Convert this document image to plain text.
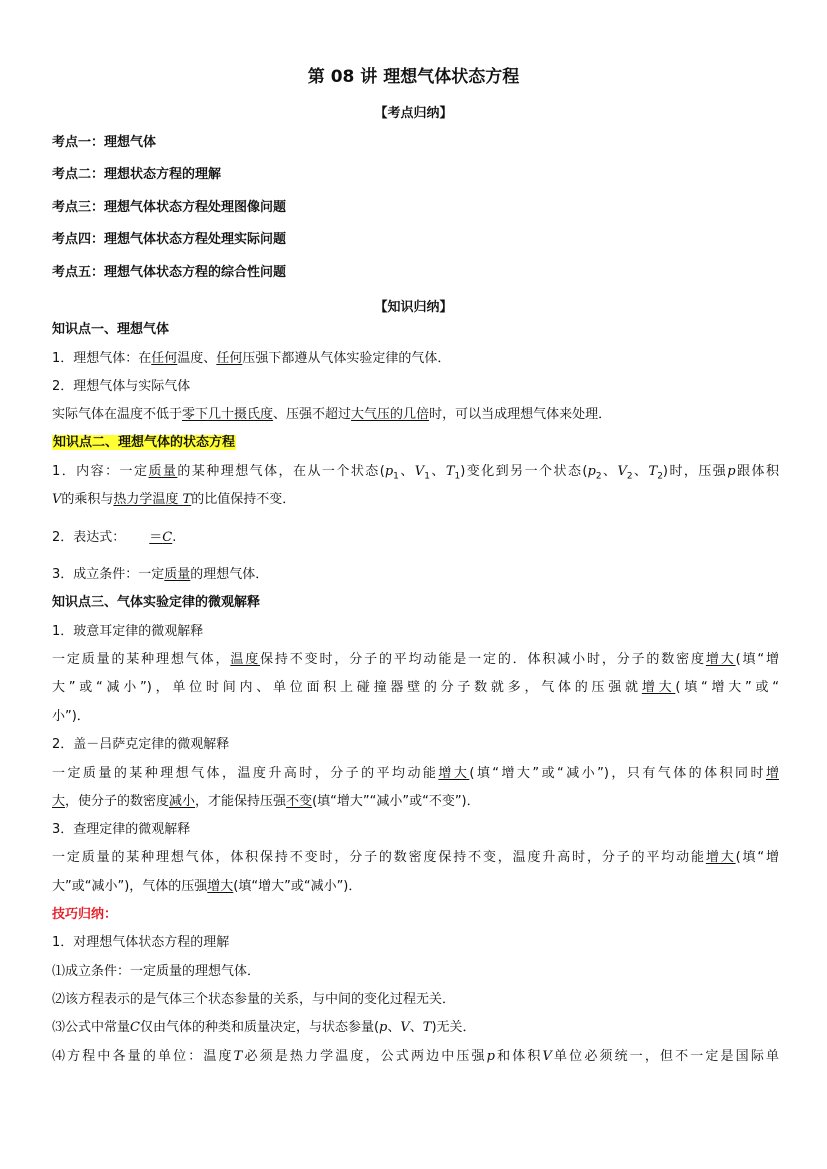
第 08 讲 理想气体状态方程
【考点归纳】
考点一：理想气体
考点二：理想状态方程的理解
考点三：理想气体状态方程处理图像问题
考点四：理想气体状态方程处理实际问题
考点五：理想气体状态方程的综合性问题
【知识归纳】
知识点一、理想气体
1．理想气体：在任何温度、任何压强下都遵从气体实验定律的气体．
2．理想气体与实际气体
实际气体在温度不低于零下几十摄氏度、压强不超过大气压的几倍时，可以当成理想气体来处理．
知识点二、理想气体的状态方程
1．内容：一定质量的某种理想气体，在从一个状态($p_1$、$V_1$、$T_1$)变化到另一个状态($p_2$、$V_2$、$T_2$)时，压强p跟体积
V的乘积与热力学温度 T的比值保持不变．
2．表达式： ＝C.
3．成立条件：一定质量的理想气体．
知识点三、气体实验定律的微观解释
1．玻意耳定律的微观解释
一定质量的某种理想气体，温度保持不变时，分子的平均动能是一定的．体积减小时，分子的数密度增大(填“增
大”或“减小”)，单位时间内、单位面积上碰撞器壁的分子数就多，气体的压强就增大(填“增大”或“
小”)．
2．盖－吕萨克定律的微观解释
一定质量的某种理想气体，温度升高时，分子的平均动能增大(填“增大”或“减小”)，只有气体的体积同时增
大，使分子的数密度减小，才能保持压强不变(填“增大”“减小”或“不变”)．
3．查理定律的微观解释
一定质量的某种理想气体，体积保持不变时，分子的数密度保持不变，温度升高时，分子的平均动能增大(填“增
大”或“减小”)，气体的压强增大(填“增大”或“减小”)．
技巧归纳：
1．对理想气体状态方程的理解
⑴成立条件：一定质量的理想气体．
⑵该方程表示的是气体三个状态参量的关系，与中间的变化过程无关．
⑶公式中常量C仅由气体的种类和质量决定，与状态参量(p、V、T)无关．
⑷方程中各量的单位：温度T必须是热力学温度，公式两边中压强p和体积V单位必须统一，但不一定是国际单
